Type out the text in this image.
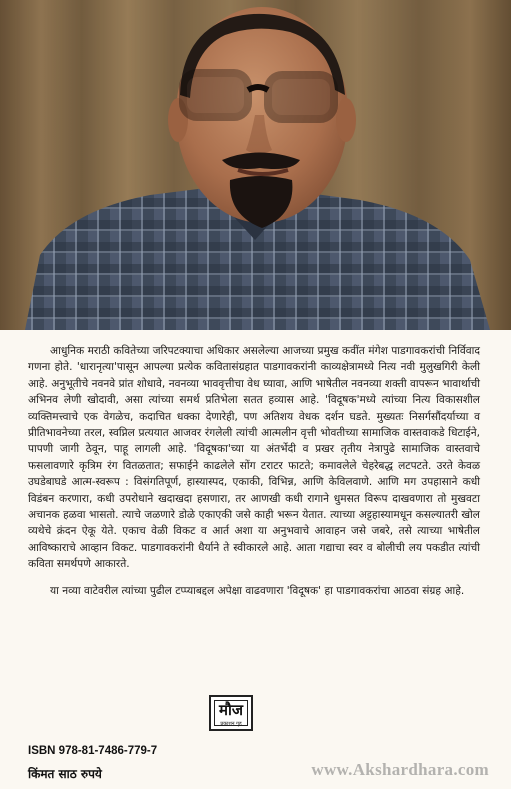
आधुनिक मराठी कवितेच्या जरिपटक्याचा अधिकार असलेल्या आजच्या प्रमुख कवींत मंगेश पाडगावकरांची निर्विवाद गणना होते. 'धारानृत्या'पासून आपल्या प्रत्येक कवितासंग्रहात पाडगावकरांनी काव्यक्षेत्रामध्ये नित्य नवी मुलुखगिरी केली आहे. अनुभूतीचे नवनवे प्रांत शोधावे, नवनव्या भाववृत्तीचा वेध घ्यावा, आणि भाषेतील नवनव्या शक्ती वापरून भावार्थाची अभिनव लेणी खोदावी, असा त्यांच्या समर्थ प्रतिभेला सतत हव्यास आहे. 'विदूषक'मध्ये त्यांच्या नित्य विकासशील व्यक्तिमत्त्वाचे एक वेगळेच, कदाचित धक्का देणारेही, पण अतिशय वेधक दर्शन घडते. मुख्यतः निसर्गसौंदर्याच्या व प्रीतिभावनेच्या तरल, स्वप्निल प्रत्ययात आजवर रंगलेली त्यांची आत्मलीन वृत्ती भोवतीच्या सामाजिक वास्तवाकडे धिटाईने, पापणी जागी ठेवून, पाहू लागली आहे. 'विदूषका'च्या या अंतर्भेदी व प्रखर तृतीय नेत्रापुढे सामाजिक वास्तवाचे फसलावणारे कृत्रिम रंग वितळतात; सफाईने काढलेले सोंग टराटर फाटते; कमावलेले चेहरेबद्ध लटपटते. उरते केवळ उघडेबाघडे आत्म-स्वरूप : विसंगतिपूर्ण, हास्यास्पद, एकाकी, विभिन्न, आणि केविलवाणे. आणि मग उपहासाने कधी विडंबन करणारा, कधी उपरोधाने खदाखदा हसणारा, तर आणखी कधी रागाने धुमसत विरूप दाखवणारा तो मुखवटा अचानक हळवा भासतो. त्याचे जळणारे डोळे एकाएकी जसे काही भरून येतात. त्याच्या अट्टहास्यामधून कसल्यातरी खोल व्यथेचे क्रंदन ऐकू येते. एकाच वेळी विकट व आर्त अशा या अनुभवाचे आवाहन जसे जबरे, तसे त्याच्या भाषेतील आविष्काराचे आव्हान विकट. पाडगावकरांनी धैर्याने ते स्वीकारले आहे. आता गद्याचा स्वर व बोलीची लय पकडीत त्यांची कविता समर्थपणे आकारते.

या नव्या वाटेवरील त्यांच्या पुढील टप्प्याबद्दल अपेक्षा वाढवणारा 'विदूषक' हा पाडगावकरांचा आठवा संग्रह आहे.

मौज
प्रकाशन गृह
ISBN 978-81-7486-779-7
किंमत साठ रुपये	www.Akshardhara.com
